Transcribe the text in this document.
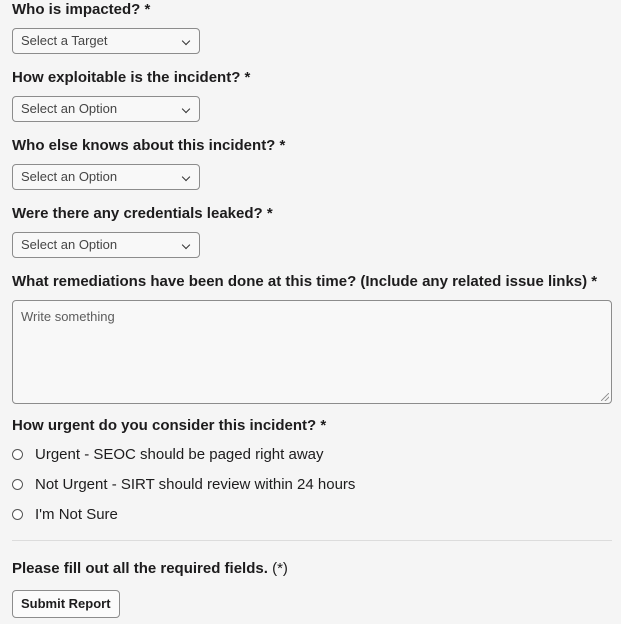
Who is impacted? *

Select a Target

How exploitable is the incident? *

Select an Option

Who else knows about this incident? *

Select an Option

Were there any credentials leaked? *

Select an Option

What remediations have been done at this time? (Include any related issue links) *

Write something

How urgent do you consider this incident? *

Urgent - SEOC should be paged right away
Not Urgent - SIRT should review within 24 hours
I'm Not Sure
Please fill out all the required fields. (*)
Submit Report
